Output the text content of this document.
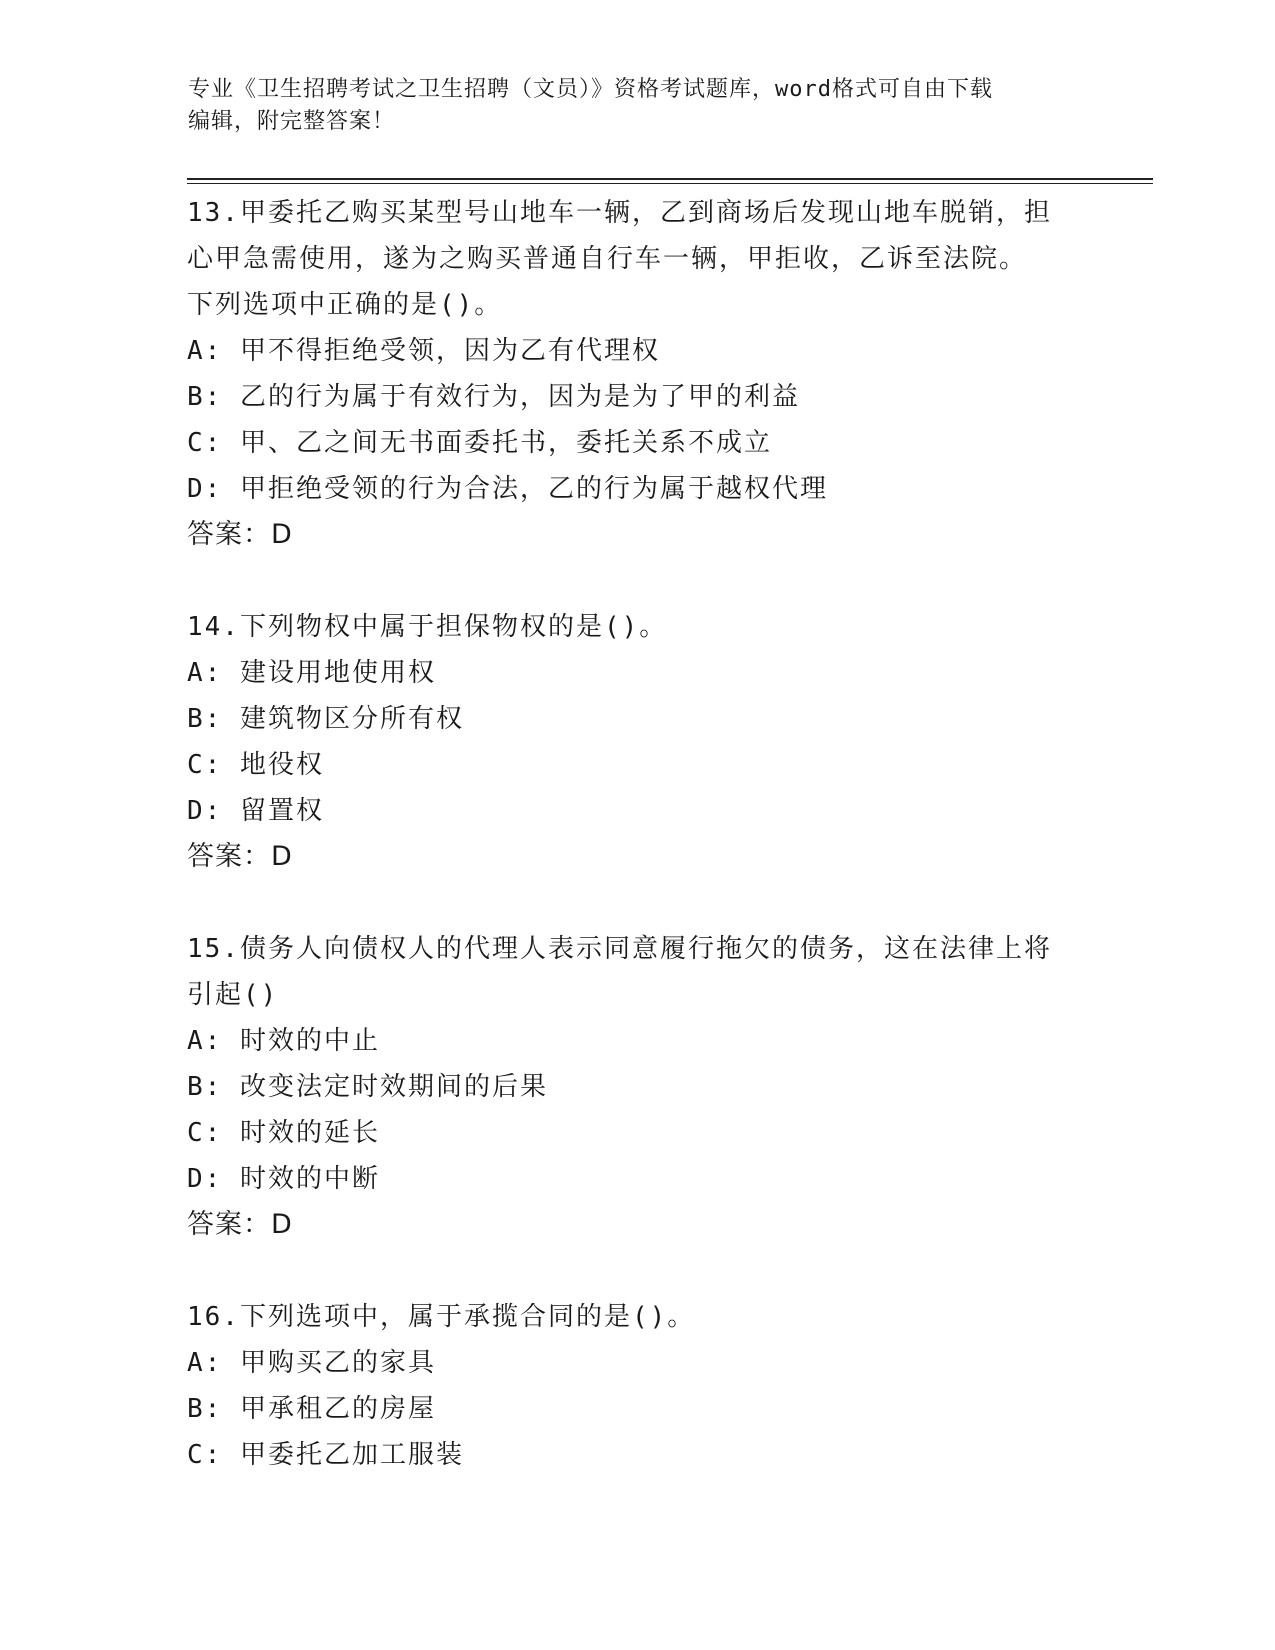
专业《卫生招聘考试之卫生招聘（文员）》资格考试题库，word格式可自由下载

编辑，附完整答案！

13.甲委托乙购买某型号山地车一辆，乙到商场后发现山地车脱销，担
心甲急需使用，遂为之购买普通自行车一辆，甲拒收，乙诉至法院。
下列选项中正确的是()。
A: 甲不得拒绝受领，因为乙有代理权
B: 乙的行为属于有效行为，因为是为了甲的利益
C: 甲、乙之间无书面委托书，委托关系不成立
D: 甲拒绝受领的行为合法，乙的行为属于越权代理
答案：D
14.下列物权中属于担保物权的是()。
A: 建设用地使用权
B: 建筑物区分所有权
C: 地役权
D: 留置权
答案：D
15.债务人向债权人的代理人表示同意履行拖欠的债务，这在法律上将
引起()
A: 时效的中止
B: 改变法定时效期间的后果
C: 时效的延长
D: 时效的中断
答案：D
16.下列选项中，属于承揽合同的是()。
A: 甲购买乙的家具
B: 甲承租乙的房屋
C: 甲委托乙加工服装
